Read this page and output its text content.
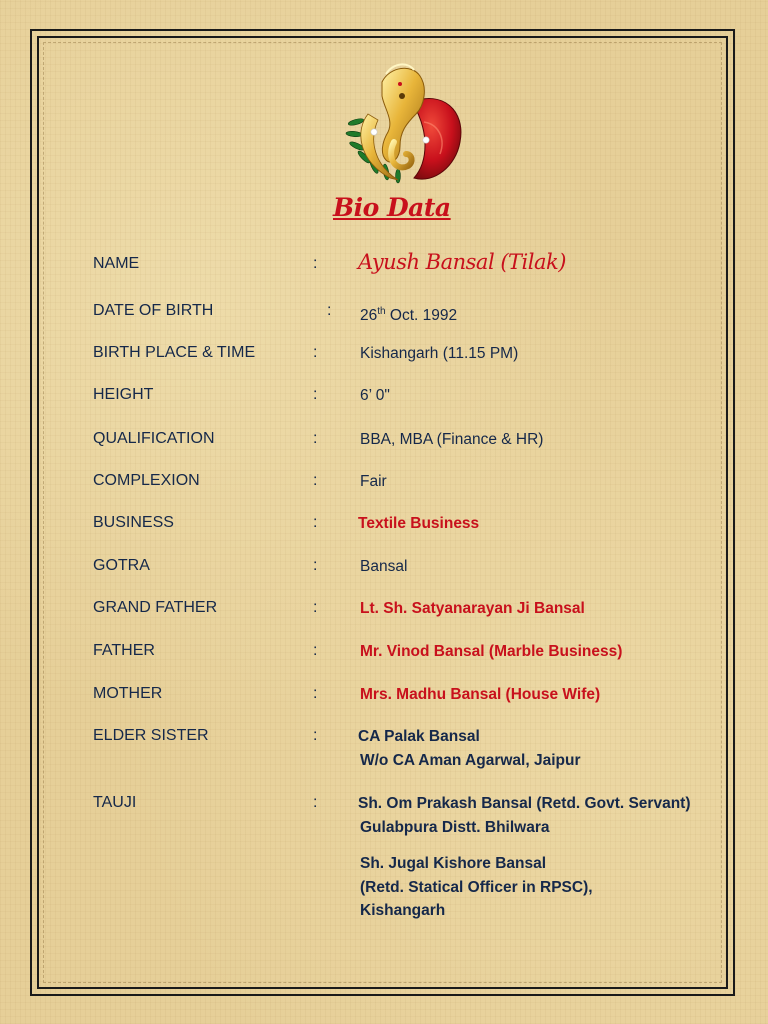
Bio Data
NAME	: Ayush Bansal (Tilak)
DATE OF BIRTH	: 26th Oct. 1992
BIRTH PLACE & TIME	:	Kishangarh (11.15 PM)
HEIGHT	:	6’ 0"
QUALIFICATION	:	BBA, MBA (Finance & HR)
COMPLEXION	:	Fair
BUSINESS	:	Textile Business
GOTRA	:	Bansal
GRAND FATHER	:	Lt. Sh. Satyanarayan Ji Bansal
FATHER	:	Mr. Vinod Bansal (Marble Business)
MOTHER	:	Mrs. Madhu Bansal (House Wife)
ELDER SISTER	:	CA Palak Bansal
W/o CA Aman Agarwal, Jaipur
TAUJI	:	Sh. Om Prakash Bansal (Retd. Govt. Servant)
Gulabpura Distt. Bhilwara
Sh. Jugal Kishore Bansal
(Retd. Statical Officer in RPSC),
Kishangarh
